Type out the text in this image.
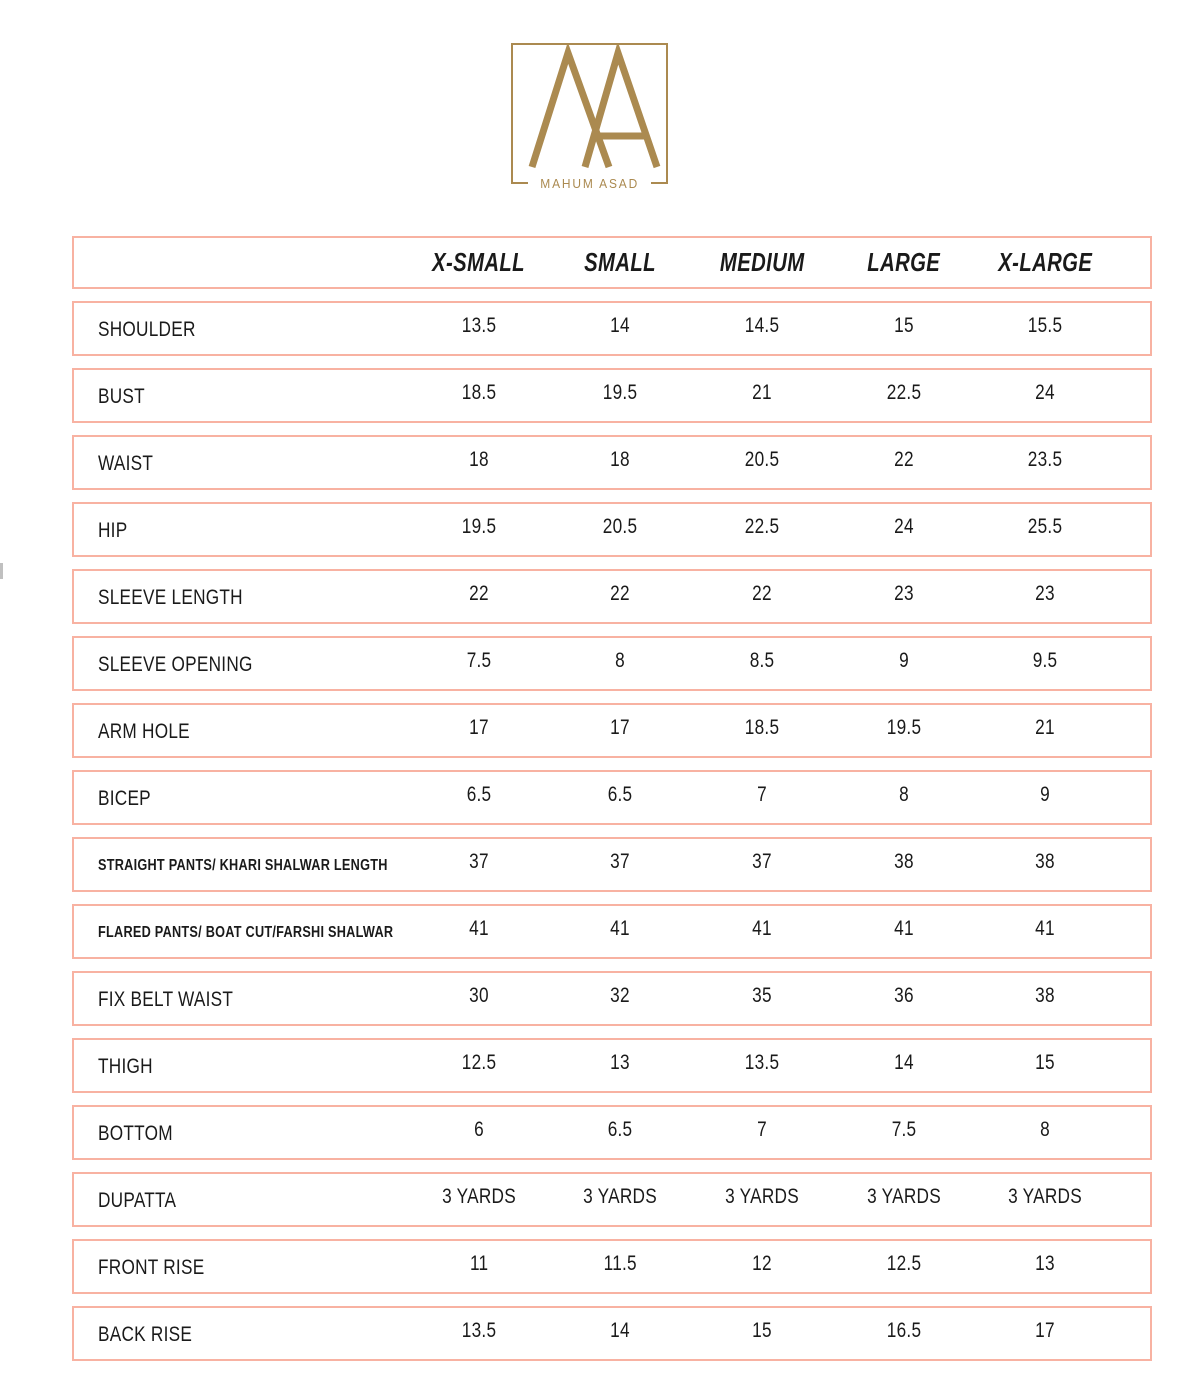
MAHUM ASAD
X-SMALL	SMALL	MEDIUM	LARGE	X-LARGE
SHOULDER	13.5	14	14.5	15	15.5
BUST	18.5	19.5	21	22.5	24
WAIST	18	18	20.5	22	23.5
HIP	19.5	20.5	22.5	24	25.5
SLEEVE LENGTH	22	22	22	23	23
SLEEVE OPENING	7.5	8	8.5	9	9.5
ARM HOLE	17	17	18.5	19.5	21
BICEP	6.5	6.5	7	8	9
STRAIGHT PANTS/ KHARI SHALWAR LENGTH	37	37	37	38	38
FLARED PANTS/ BOAT CUT/FARSHI SHALWAR	41	41	41	41	41
FIX BELT WAIST	30	32	35	36	38
THIGH	12.5	13	13.5	14	15
BOTTOM	6	6.5	7	7.5	8
DUPATTA	3 YARDS	3 YARDS	3 YARDS	3 YARDS	3 YARDS
FRONT RISE	11	11.5	12	12.5	13
BACK RISE	13.5	14	15	16.5	17
